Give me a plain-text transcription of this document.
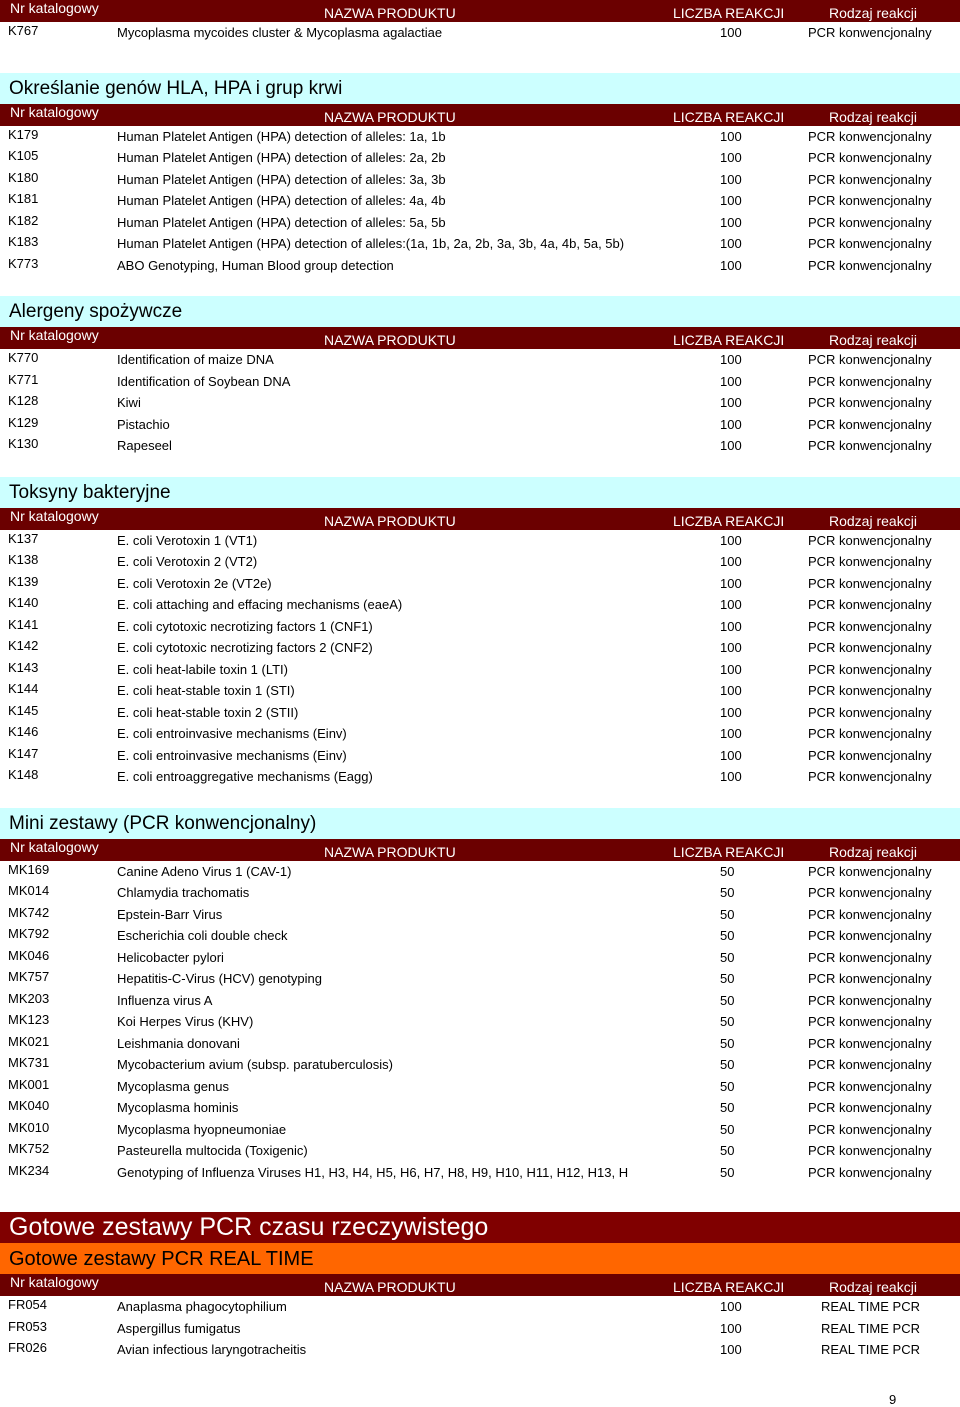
Nr katalogowy	NAZWA PRODUKTU	LICZBA REAKCJI	Rodzaj reakcji
K767	Mycoplasma mycoides cluster & Mycoplasma agalactiae	100	PCR konwencjonalny
Określanie genów HLA, HPA i grup krwi
Nr katalogowy	NAZWA PRODUKTU	LICZBA REAKCJI	Rodzaj reakcji
K179	Human Platelet Antigen (HPA) detection of alleles: 1a, 1b	100	PCR konwencjonalny
K105	Human Platelet Antigen (HPA) detection of alleles: 2a, 2b	100	PCR konwencjonalny
K180	Human Platelet Antigen (HPA) detection of alleles: 3a, 3b	100	PCR konwencjonalny
K181	Human Platelet Antigen (HPA) detection of alleles: 4a, 4b	100	PCR konwencjonalny
K182	Human Platelet Antigen (HPA) detection of alleles: 5a, 5b	100	PCR konwencjonalny
K183	Human Platelet Antigen (HPA) detection of alleles:(1a, 1b, 2a, 2b, 3a, 3b, 4a, 4b, 5a, 5b)	100	PCR konwencjonalny
K773	ABO Genotyping, Human Blood group detection	100	PCR konwencjonalny
Alergeny spożywcze
Nr katalogowy	NAZWA PRODUKTU	LICZBA REAKCJI	Rodzaj reakcji
K770	Identification of maize DNA	100	PCR konwencjonalny
K771	Identification of Soybean DNA	100	PCR konwencjonalny
K128	Kiwi	100	PCR konwencjonalny
K129	Pistachio	100	PCR konwencjonalny
K130	Rapeseel	100	PCR konwencjonalny
Toksyny bakteryjne
Nr katalogowy	NAZWA PRODUKTU	LICZBA REAKCJI	Rodzaj reakcji
K137	E. coli Verotoxin 1 (VT1)	100	PCR konwencjonalny
K138	E. coli Verotoxin 2 (VT2)	100	PCR konwencjonalny
K139	E. coli Verotoxin 2e (VT2e)	100	PCR konwencjonalny
K140	E. coli attaching and effacing mechanisms (eaeA)	100	PCR konwencjonalny
K141	E. coli cytotoxic necrotizing factors 1 (CNF1)	100	PCR konwencjonalny
K142	E. coli cytotoxic necrotizing factors 2 (CNF2)	100	PCR konwencjonalny
K143	E. coli heat-labile toxin 1 (LTI)	100	PCR konwencjonalny
K144	E. coli heat-stable toxin 1 (STI)	100	PCR konwencjonalny
K145	E. coli heat-stable toxin 2 (STII)	100	PCR konwencjonalny
K146	E. coli entroinvasive mechanisms (Einv)	100	PCR konwencjonalny
K147	E. coli entroinvasive mechanisms (Einv)	100	PCR konwencjonalny
K148	E. coli entroaggregative mechanisms (Eagg)	100	PCR konwencjonalny
Mini zestawy (PCR konwencjonalny)
Nr katalogowy	NAZWA PRODUKTU	LICZBA REAKCJI	Rodzaj reakcji
MK169	Canine Adeno Virus 1 (CAV-1)	50	PCR konwencjonalny
MK014	Chlamydia trachomatis	50	PCR konwencjonalny
MK742	Epstein-Barr Virus	50	PCR konwencjonalny
MK792	Escherichia coli double check	50	PCR konwencjonalny
MK046	Helicobacter pylori	50	PCR konwencjonalny
MK757	Hepatitis-C-Virus (HCV) genotyping	50	PCR konwencjonalny
MK203	Influenza virus A	50	PCR konwencjonalny
MK123	Koi Herpes Virus (KHV)	50	PCR konwencjonalny
MK021	Leishmania donovani	50	PCR konwencjonalny
MK731	Mycobacterium avium (subsp. paratuberculosis)	50	PCR konwencjonalny
MK001	Mycoplasma genus	50	PCR konwencjonalny
MK040	Mycoplasma hominis	50	PCR konwencjonalny
MK010	Mycoplasma hyopneumoniae	50	PCR konwencjonalny
MK752	Pasteurella multocida (Toxigenic)	50	PCR konwencjonalny
MK234	Genotyping of Influenza Viruses H1, H3, H4, H5, H6, H7, H8, H9, H10, H11, H12, H13, H	50	PCR konwencjonalny
Gotowe zestawy PCR czasu rzeczywistego
Gotowe zestawy PCR REAL TIME
Nr katalogowy	NAZWA PRODUKTU	LICZBA REAKCJI	Rodzaj reakcji
FR054	Anaplasma phagocytophilium	100	REAL TIME PCR
FR053	Aspergillus fumigatus	100	REAL TIME PCR
FR026	Avian infectious laryngotracheitis	100	REAL TIME PCR
9
